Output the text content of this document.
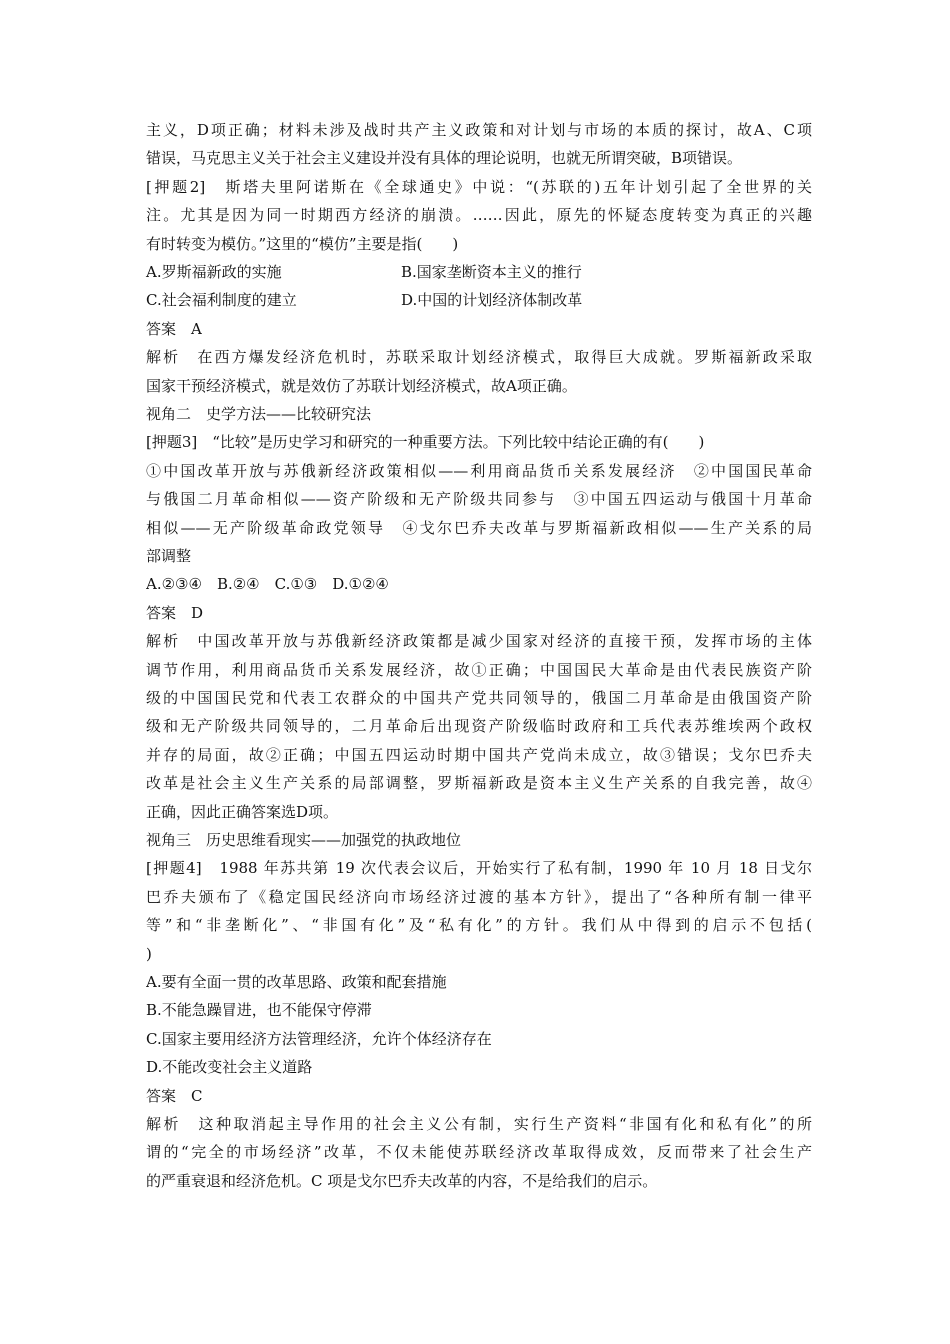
主义，D项正确；材料未涉及战时共产主义政策和对计划与市场的本质的探讨，故A、C项
错误，马克思主义关于社会主义建设并没有具体的理论说明，也就无所谓突破，B项错误。
[押题2]　斯塔夫里阿诺斯在《全球通史》中说：“(苏联的)五年计划引起了全世界的关
注。尤其是因为同一时期西方经济的崩溃。……因此，原先的怀疑态度转变为真正的兴趣
有时转变为模仿。”这里的“模仿”主要是指(　　)
A.罗斯福新政的实施	B.国家垄断资本主义的推行
C.社会福利制度的建立	D.中国的计划经济体制改革
答案　A
解析　在西方爆发经济危机时，苏联采取计划经济模式，取得巨大成就。罗斯福新政采取
国家干预经济模式，就是效仿了苏联计划经济模式，故A项正确。
视角二　史学方法——比较研究法
[押题3]　“比较”是历史学习和研究的一种重要方法。下列比较中结论正确的有(　　)
①中国改革开放与苏俄新经济政策相似——利用商品货币关系发展经济　②中国国民革命
与俄国二月革命相似——资产阶级和无产阶级共同参与　③中国五四运动与俄国十月革命
相似——无产阶级革命政党领导　④戈尔巴乔夫改革与罗斯福新政相似——生产关系的局
部调整
A.②③④　B.②④　C.①③　D.①②④
答案　D
解析　中国改革开放与苏俄新经济政策都是减少国家对经济的直接干预，发挥市场的主体
调节作用，利用商品货币关系发展经济，故①正确；中国国民大革命是由代表民族资产阶
级的中国国民党和代表工农群众的中国共产党共同领导的，俄国二月革命是由俄国资产阶
级和无产阶级共同领导的，二月革命后出现资产阶级临时政府和工兵代表苏维埃两个政权
并存的局面，故②正确；中国五四运动时期中国共产党尚未成立，故③错误；戈尔巴乔夫
改革是社会主义生产关系的局部调整，罗斯福新政是资本主义生产关系的自我完善，故④
正确，因此正确答案选D项。
视角三　历史思维看现实——加强党的执政地位
[押题4]　1988 年苏共第 19 次代表会议后，开始实行了私有制，1990 年 10 月 18 日戈尔
巴乔夫颁布了《稳定国民经济向市场经济过渡的基本方针》，提出了“各种所有制一律平
等”和“非垄断化”、“非国有化”及“私有化”的方针。我们从中得到的启示不包括(
)
A.要有全面一贯的改革思路、政策和配套措施
B.不能急躁冒进，也不能保守停滞
C.国家主要用经济方法管理经济，允许个体经济存在
D.不能改变社会主义道路
答案　C
解析　这种取消起主导作用的社会主义公有制，实行生产资料“非国有化和私有化”的所
谓的“完全的市场经济”改革，不仅未能使苏联经济改革取得成效，反而带来了社会生产
的严重衰退和经济危机。C 项是戈尔巴乔夫改革的内容，不是给我们的启示。
